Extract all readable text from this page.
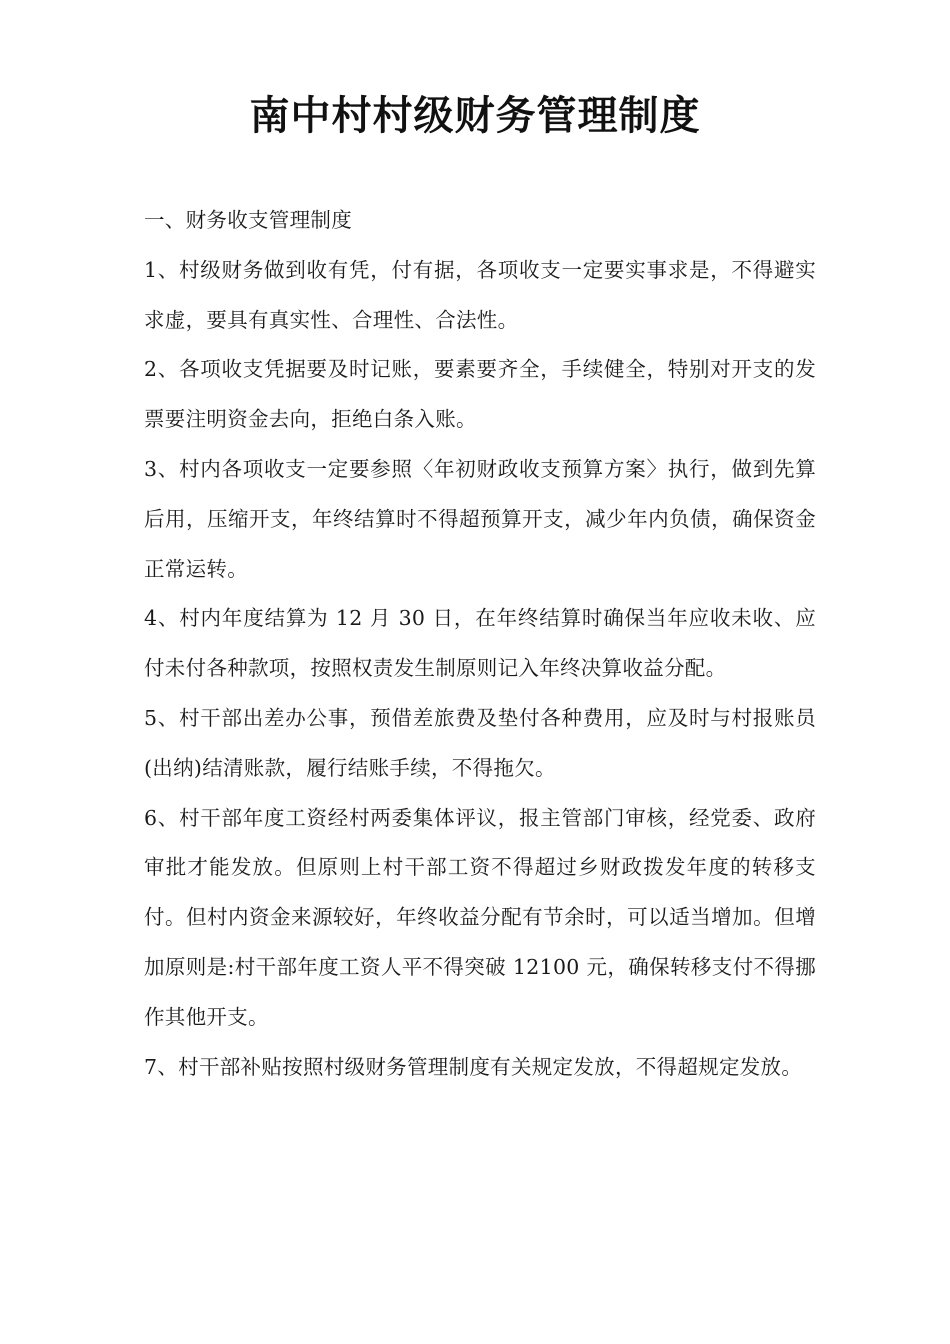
南中村村级财务管理制度

一、财务收支管理制度

1、村级财务做到收有凭，付有据，各项收支一定要实事求是，不得避实求虚，要具有真实性、合理性、合法性。

2、各项收支凭据要及时记账，要素要齐全，手续健全，特别对开支的发票要注明资金去向，拒绝白条入账。

3、村内各项收支一定要参照〈年初财政收支预算方案〉执行，做到先算后用，压缩开支，年终结算时不得超预算开支，减少年内负债，确保资金正常运转。

4、村内年度结算为 12 月 30 日，在年终结算时确保当年应收未收、应付未付各种款项，按照权责发生制原则记入年终决算收益分配。

5、村干部出差办公事，预借差旅费及垫付各种费用，应及时与村报账员(出纳)结清账款，履行结账手续，不得拖欠。

6、村干部年度工资经村两委集体评议，报主管部门审核，经党委、政府审批才能发放。但原则上村干部工资不得超过乡财政拨发年度的转移支付。但村内资金来源较好，年终收益分配有节余时，可以适当增加。但增加原则是:村干部年度工资人平不得突破 12100 元，确保转移支付不得挪作其他开支。

7、村干部补贴按照村级财务管理制度有关规定发放，不得超规定发放。
